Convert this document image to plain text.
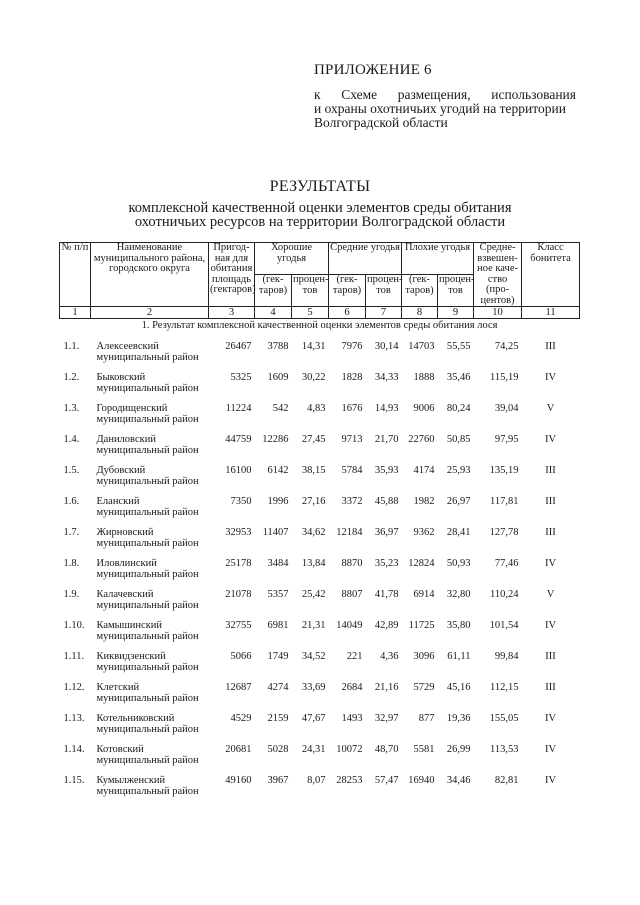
ПРИЛОЖЕНИЕ 6
к Схеме размещения, использования
и охраны охотничьих угодий на территории
Волгоградской области
РЕЗУЛЬТАТЫ
комплексной качественной оценки элементов среды обитания
охотничьих ресурсов на территории Волгоградской области
№ п/п	Наименование муниципального района, городского округа	Пригод-ная для обитания площадь (гектаров)	Хорошие угодья		Средние угодья		Плохие угодья		Средне-взвешен-ное каче-ство (про-центов)	Класс бонитета
			(гек-таров)	процен-тов	(гек-таров)	процен-тов	(гек-таров)	процен-тов		
1	2	3	4	5	6	7	8	9	10	11
1. Результат комплексной качественной оценки элементов среды обитания лося										
1.1.	Алексеевский муниципальный район	26467	3788	14,31	7976	30,14	14703	55,55	74,25	III
1.2.	Быковский муниципальный район	5325	1609	30,22	1828	34,33	1888	35,46	115,19	IV
1.3.	Городищенский муниципальный район	11224	542	4,83	1676	14,93	9006	80,24	39,04	V
1.4.	Даниловский муниципальный район	44759	12286	27,45	9713	21,70	22760	50,85	97,95	IV
1.5.	Дубовский муниципальный район	16100	6142	38,15	5784	35,93	4174	25,93	135,19	III
1.6.	Еланский муниципальный район	7350	1996	27,16	3372	45,88	1982	26,97	117,81	III
1.7.	Жирновский муниципальный район	32953	11407	34,62	12184	36,97	9362	28,41	127,78	III
1.8.	Иловлинский муниципальный район	25178	3484	13,84	8870	35,23	12824	50,93	77,46	IV
1.9.	Калачевский муниципальный район	21078	5357	25,42	8807	41,78	6914	32,80	110,24	V
1.10.	Камышинский муниципальный район	32755	6981	21,31	14049	42,89	11725	35,80	101,54	IV
1.11.	Киквидзенский муниципальный район	5066	1749	34,52	221	4,36	3096	61,11	99,84	III
1.12.	Клетский муниципальный район	12687	4274	33,69	2684	21,16	5729	45,16	112,15	III
1.13.	Котельниковский муниципальный район	4529	2159	47,67	1493	32,97	877	19,36	155,05	IV
1.14.	Котовский муниципальный район	20681	5028	24,31	10072	48,70	5581	26,99	113,53	IV
1.15.	Кумылженский муниципальный район	49160	3967	8,07	28253	57,47	16940	34,46	82,81	IV
